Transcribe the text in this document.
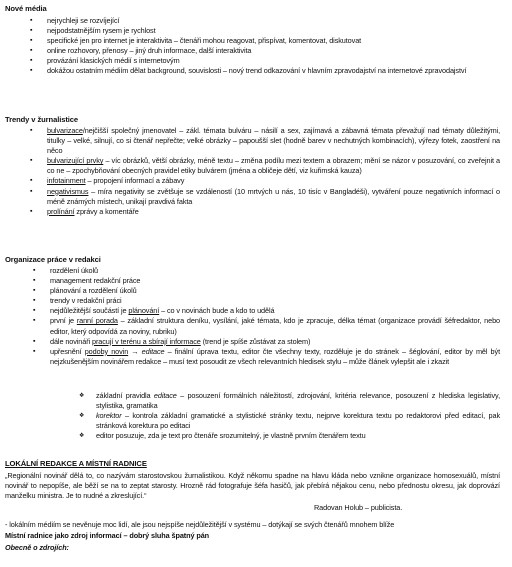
Nové média
▪ nejrychleji se rozvíjející
▪ nejpodstatnějším rysem je rychlost
▪ specifické jen pro internet je interaktivita – čtenáři mohou reagovat, přispívat, komentovat, diskutovat
▪ online rozhovory, přenosy – jiný druh informace, další interaktivita
▪ provázání klasických médií s internetovým
▪ dokážou ostatním médiím dělat background, souvislosti – nový trend odkazování v hlavním zpravodajství na internetové zpravodajství
Trendy v žurnalistice
▪ bulvarizace/nejčišší společný jmenovatel – zákl. témata bulváru – násilí a sex, zajímavá a zábavná témata převažují nad tématy důležitými, titulky – velké, silnují, co si čtenář nepřečte; velké obrázky – papoušší slet (hodně barev v nechutných kombinacích), výřezy fotek, zaostření na něco
▪ bulvarizující prvky – víc obrázků, větší obrázky, méně textu – změna podílu mezi textem a obrazem; mění se názor v posuzování, co zveřejnit a co ne – zpochybňování obecných pravidel etiky bulvárem (jména a obličeje dětí, viz kuřimská kauza)
▪ infotainment – propojení informací a zábavy
▪ negativismus – míra negativity se zvětšuje se vzdáleností (10 mrtvých u nás, 10 tisíc v Bangladéši), vytváření pouze negativních informací o méně známých místech, unikají pravdivá fakta
▪ prolínání zprávy a komentáře
Organizace práce v redakci
▪ rozdělení úkolů
▪ management redakční práce
▪ plánování a rozdělení úkolů
▪ trendy v redakční práci
▪ nejdůležitější součástí je plánování – co v novinách bude a kdo to udělá
▪ první je ranní porada – základní struktura deníku, vysílání, jaké témata, kdo je zpracuje, délka témat (organizace provádí šéfredaktor, nebo editor, který odpovídá za noviny, rubriku)
▪ dále novináři pracují v terénu a sbírají informace (trend je spíše zůstávat za stolem)
▪ upřesnění podoby novin → editace – finální úprava textu, editor čte všechny texty, rozděluje je do stránek – šéglování, editor by měl být nejzkušenějším novinářem redakce – musí text posoudit ze všech relevantních hledisek stylu – může článek vylepšit ale i zkazit
❖ základní pravidla editace – posouzení formálních náležitostí, zdrojování, kritéria relevance, posouzení z hlediska legislativy, stylistika, gramatika
❖ korektor – kontrola základní gramatické a stylistické stránky textu, nejprve korektura textu po redaktorovi před editací, pak stránková korektura po editaci
❖ editor posuzuje, zda je text pro čtenáře srozumitelný, je vlastně prvním čtenářem textu
LOKÁLNÍ REDAKCE A MÍSTNÍ RADNICE
„Regionální novinář dělá to, co nazývám starostovskou žurnalistikou. Když někomu spadne na hlavu kláda nebo vznikne organizace homosexuálů, místní novinář to nepopíše, ale běží se na to zeptat starosty. Hrozně rád fotografuje šéfa hasičů, jak přebírá nějakou cenu, nebo přednostu okresu, jak doprovází manželku ministra. Je to nudné a zkreslující.“
Radovan Holub – publicista.
- lokálním médiím se nevěnuje moc lidí, ale jsou nejspíše nejdůležitější v systému – dotýkají se svých čtenářů mnohem blíže
Místní radnice jako zdroj informací – dobrý sluha špatný pán
Obecně o zdrojích:
